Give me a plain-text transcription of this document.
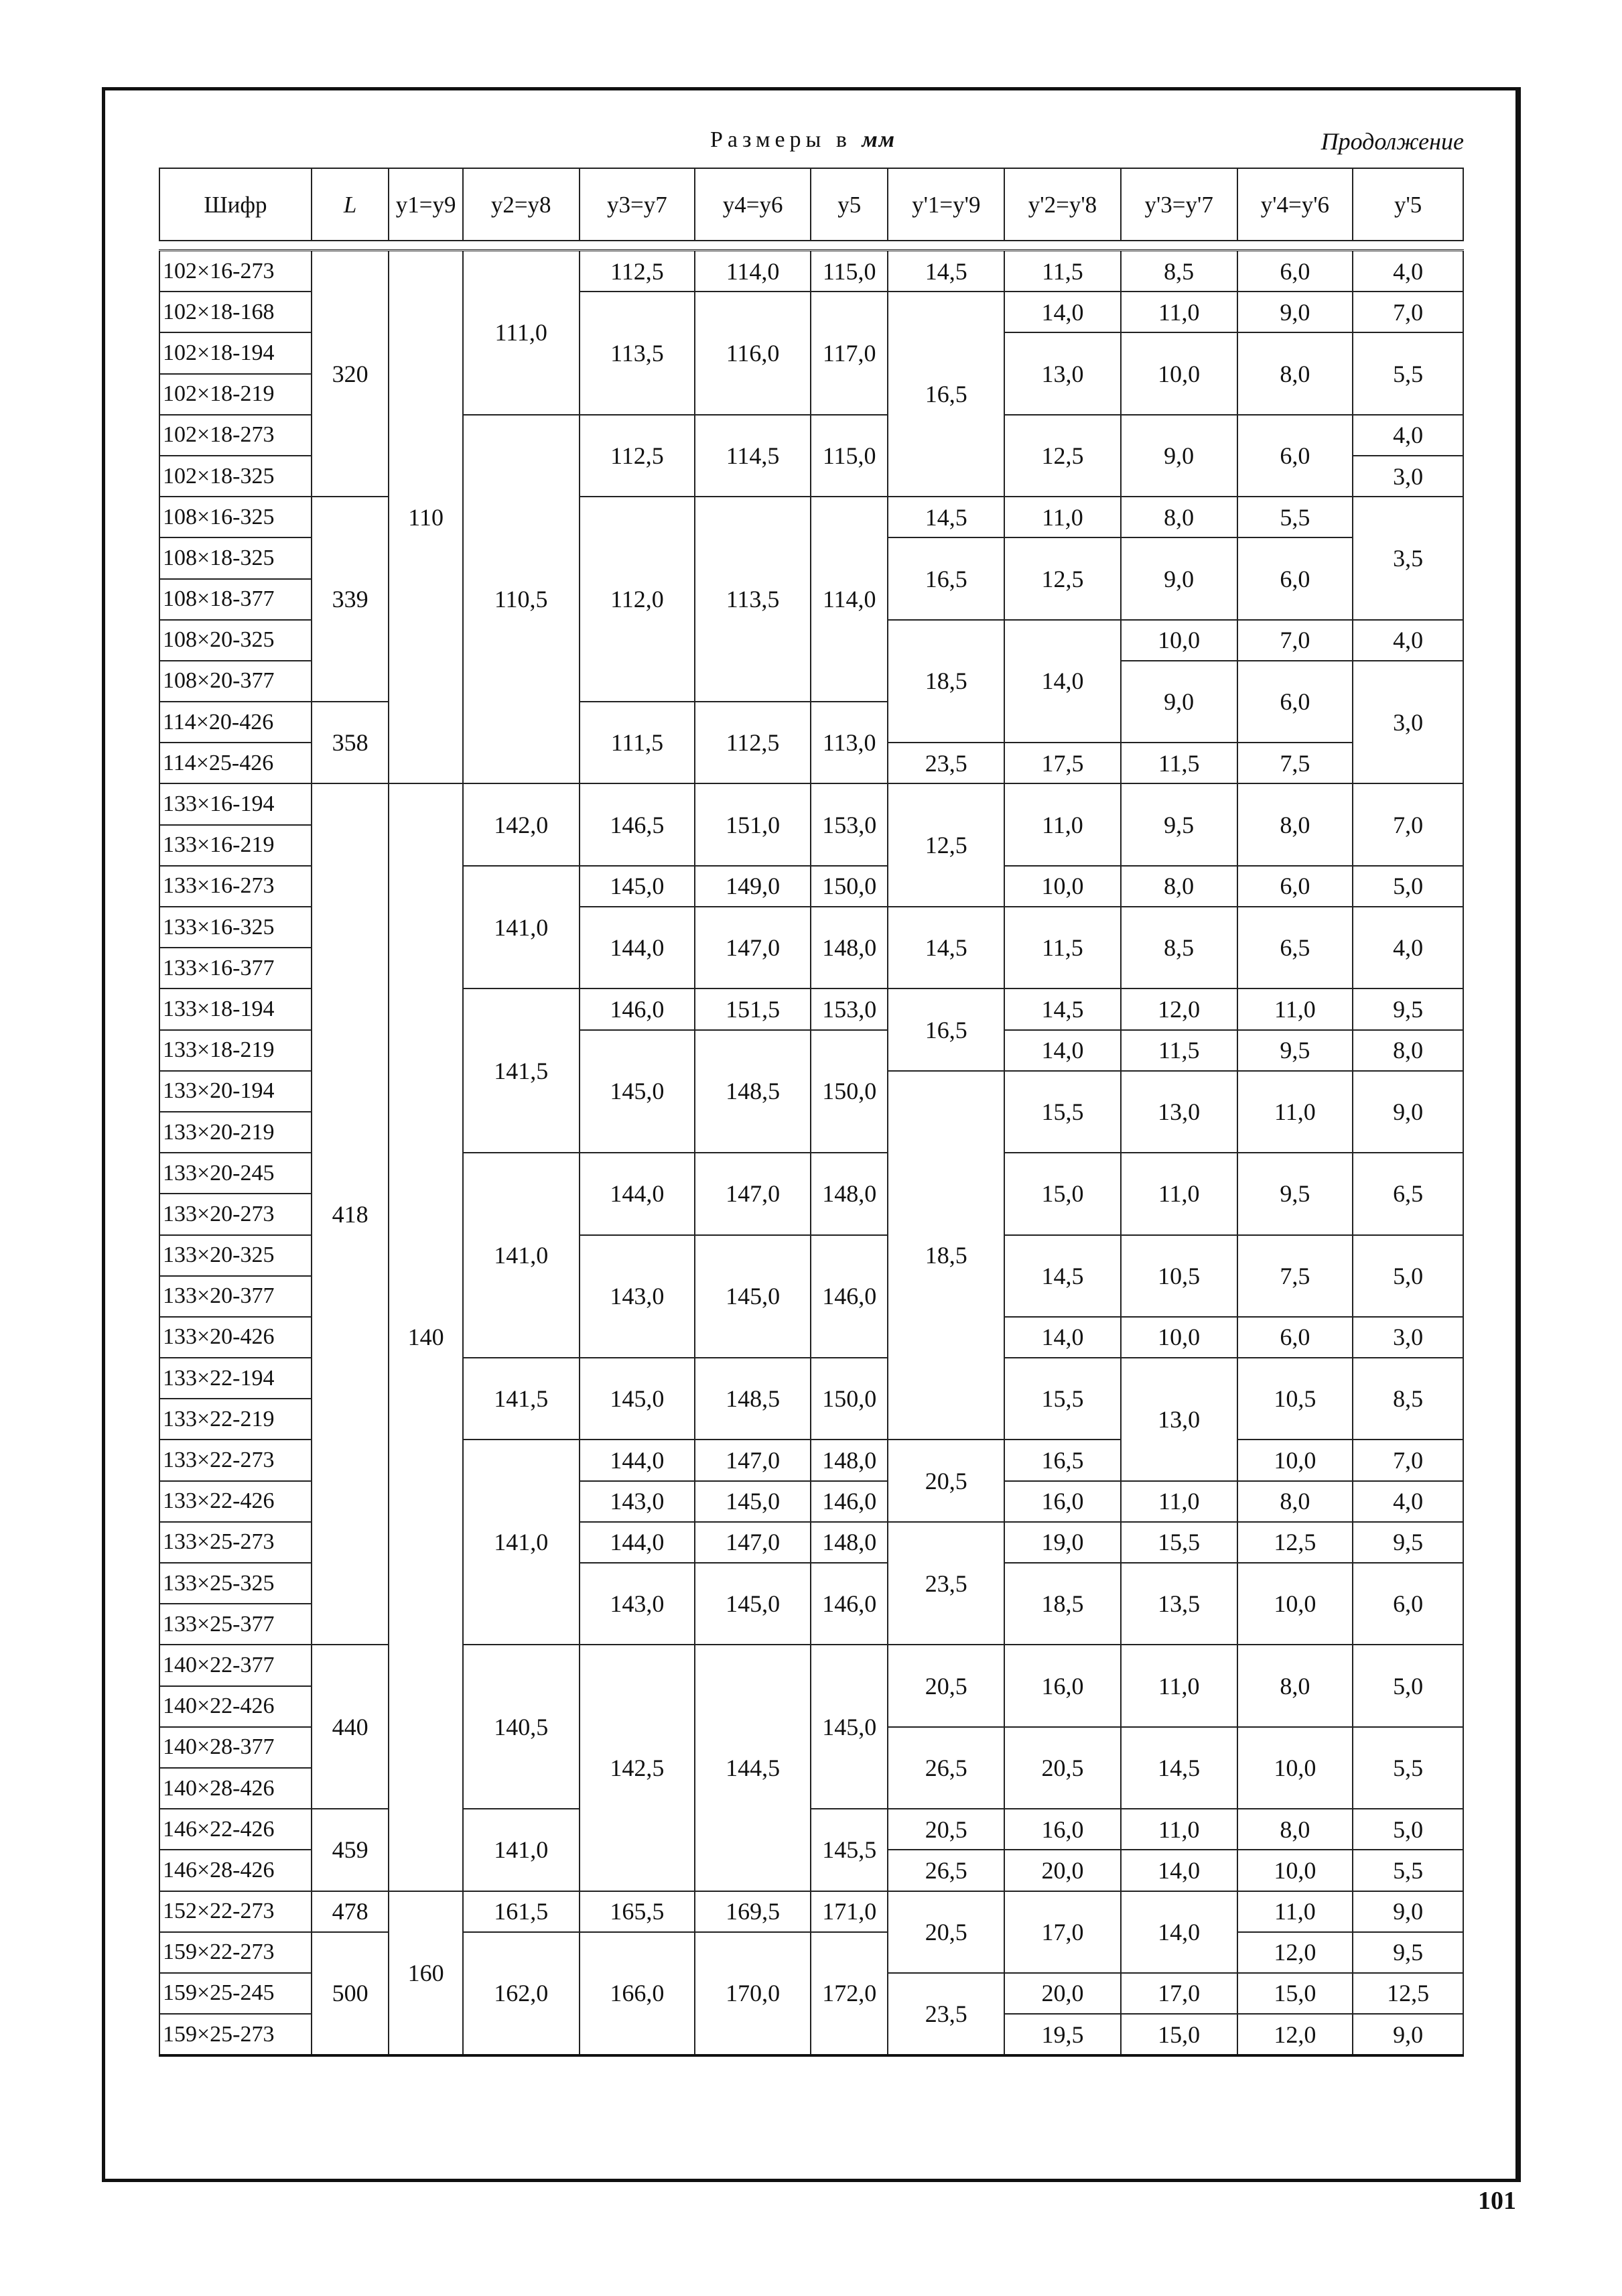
Размеры в мм	Продолжение
Шифр	L	y1=y9	y2=y8	y3=y7	y4=y6	y5	y'1=y'9	y'2=y'8	y'3=y'7	y'4=y'6	y'5

102×16-273	320	110	111,0	112,5	114,0	115,0	14,5	11,5	8,5	6,0	4,0
102×18-168				113,5	116,0	117,0	16,5	14,0	11,0	9,0	7,0
102×18-194								13,0	10,0	8,0	5,5
102×18-219											
102×18-273			110,5	112,5	114,5	115,0		12,5	9,0	6,0	4,0
102×18-325											3,0
108×16-325	339			112,0	113,5	114,0	14,5	11,0	8,0	5,5	3,5
108×18-325							16,5	12,5	9,0	6,0	
108×18-377											
108×20-325							18,5	14,0	10,0	7,0	4,0
108×20-377									9,0	6,0	3,0
114×20-426	358			111,5	112,5	113,0					
114×25-426							23,5	17,5	11,5	7,5	
133×16-194	418	140	142,0	146,5	151,0	153,0	12,5	11,0	9,5	8,0	7,0
133×16-219											
133×16-273			141,0	145,0	149,0	150,0		10,0	8,0	6,0	5,0
133×16-325				144,0	147,0	148,0	14,5	11,5	8,5	6,5	4,0
133×16-377											
133×18-194			141,5	146,0	151,5	153,0	16,5	14,5	12,0	11,0	9,5
133×18-219				145,0	148,5	150,0		14,0	11,5	9,5	8,0
133×20-194							18,5	15,5	13,0	11,0	9,0
133×20-219											
133×20-245			141,0	144,0	147,0	148,0		15,0	11,0	9,5	6,5
133×20-273											
133×20-325				143,0	145,0	146,0		14,5	10,5	7,5	5,0
133×20-377											
133×20-426								14,0	10,0	6,0	3,0
133×22-194			141,5	145,0	148,5	150,0		15,5	13,0	10,5	8,5
133×22-219											
133×22-273			141,0	144,0	147,0	148,0	20,5	16,5		10,0	7,0
133×22-426				143,0	145,0	146,0		16,0	11,0	8,0	4,0
133×25-273				144,0	147,0	148,0	23,5	19,0	15,5	12,5	9,5
133×25-325				143,0	145,0	146,0		18,5	13,5	10,0	6,0
133×25-377											
140×22-377	440		140,5	142,5	144,5	145,0	20,5	16,0	11,0	8,0	5,0
140×22-426											
140×28-377							26,5	20,5	14,5	10,0	5,5
140×28-426											
146×22-426	459		141,0			145,5	20,5	16,0	11,0	8,0	5,0
146×28-426							26,5	20,0	14,0	10,0	5,5
152×22-273	478	160	161,5	165,5	169,5	171,0	20,5	17,0	14,0	11,0	9,0
159×22-273	500		162,0	166,0	170,0	172,0				12,0	9,5
159×25-245							23,5	20,0	17,0	15,0	12,5
159×25-273								19,5	15,0	12,0	9,0
101
